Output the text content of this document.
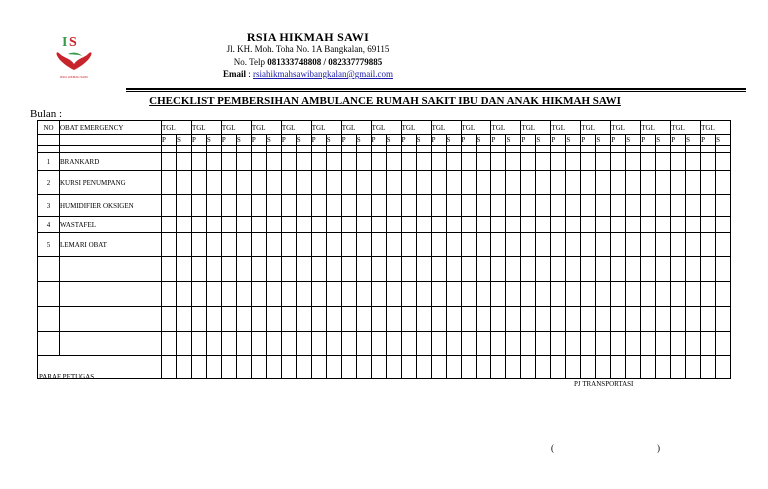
I S
RSIA HIKMAH SAWI
RSIA HIKMAH SAWI
Jl. KH. Moh. Toha No. 1A Bangkalan, 69115
No. Telp 081333748808 / 082337779885
Email : rsiahikmahsawibangkalan@gmail.com
CHECKLIST PEMBERSIHAN AMBULANCE RUMAH SAKIT IBU DAN ANAK HIKMAH SAWI
Bulan :
NO	OBAT EMERGENCY	TGL		TGL		TGL		TGL		TGL		TGL		TGL		TGL		TGL		TGL		TGL		TGL		TGL		TGL		TGL		TGL		TGL		TGL		TGL	
		P	S	P	S	P	S	P	S	P	S	P	S	P	S	P	S	P	S	P	S	P	S	P	S	P	S	P	S	P	S	P	S	P	S	P	S	P	S

1	BRANKARD																																						
2	KURSI PENUMPANG																																						
3	HUMIDIFIER OKSIGEN																																						
4	WASTAFEL																																						
5	LEMARI OBAT																																						

PARAF PETUGAS
PJ TRANSPORTASI
(	)
